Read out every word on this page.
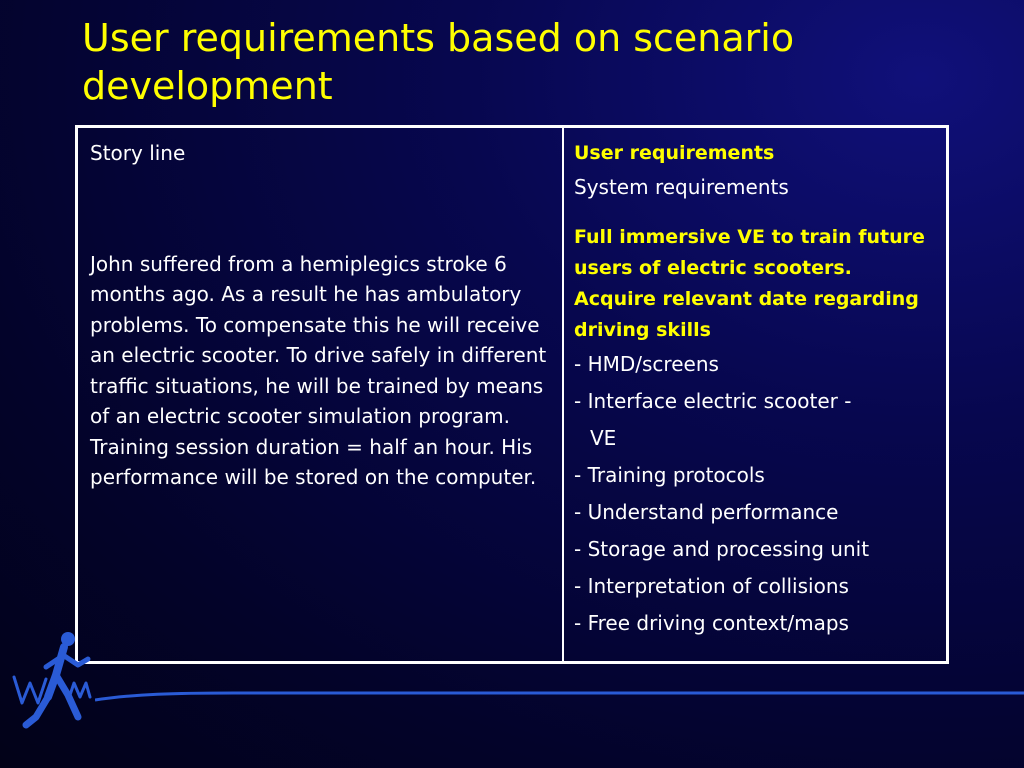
User requirements based on scenario development
Story line
John suffered from a hemiplegics stroke 6 months ago. As a result he has ambulatory problems. To compensate this he will receive an electric scooter. To drive safely in different traffic situations, he will be trained by means of an electric scooter simulation program. Training session duration = half an hour. His performance will be stored on the computer.
User requirements
System requirements
Full immersive VE to train future users of electric scooters. Acquire relevant date regarding driving skills
- HMD/screens
- Interface electric scooter -
VE
- Training protocols
- Understand performance
- Storage and processing unit
- Interpretation of collisions
- Free driving context/maps
